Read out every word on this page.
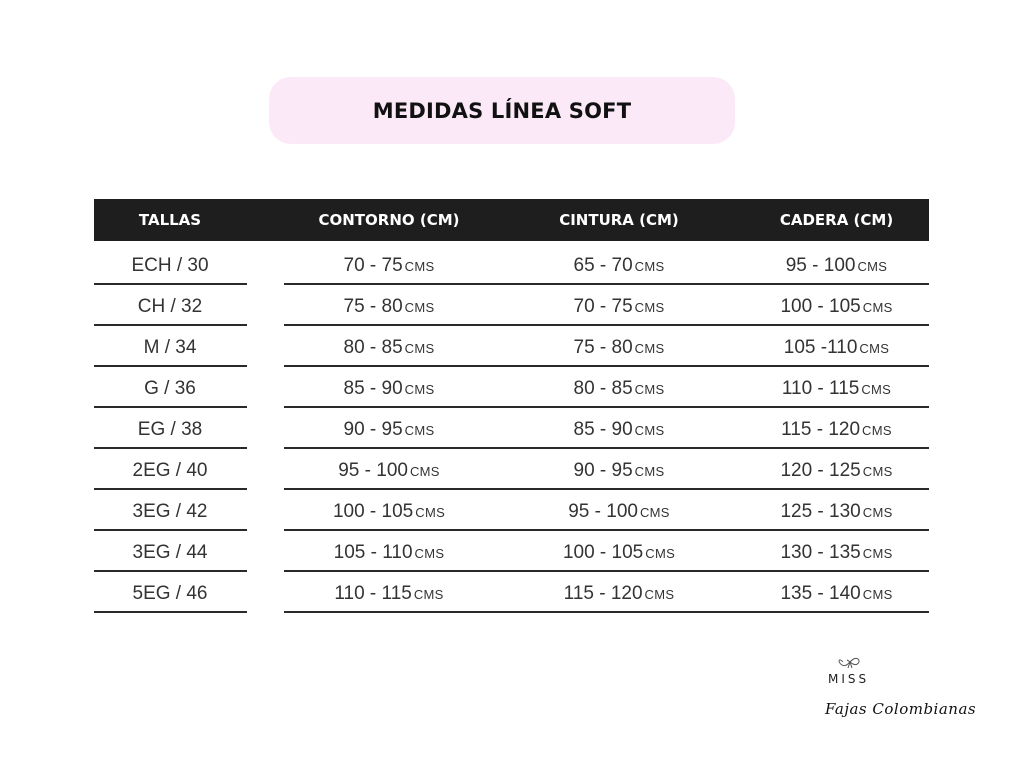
MEDIDAS LÍNEA SOFT
TALLAS	CONTORNO (CM)	CINTURA (CM)	CADERA (CM)
ECH / 30	70 - 75 CMS	65 - 70 CMS	95 - 100 CMS
CH / 32	75 - 80 CMS	70 - 75 CMS	100 - 105 CMS
M / 34	80 - 85 CMS	75 - 80 CMS	105 -110 CMS
G / 36	85 - 90 CMS	80 - 85 CMS	110 - 115 CMS
EG / 38	90 - 95 CMS	85 - 90 CMS	115 - 120 CMS
2EG / 40	95 - 100 CMS	90 - 95 CMS	120 - 125 CMS
3EG / 42	100 - 105 CMS	95 - 100 CMS	125 - 130 CMS
3EG / 44	105 - 110 CMS	100 - 105 CMS	130 - 135 CMS
5EG / 46	110 - 115 CMS	115 - 120 CMS	135 - 140 CMS
MISS
Fajas Colombianas
